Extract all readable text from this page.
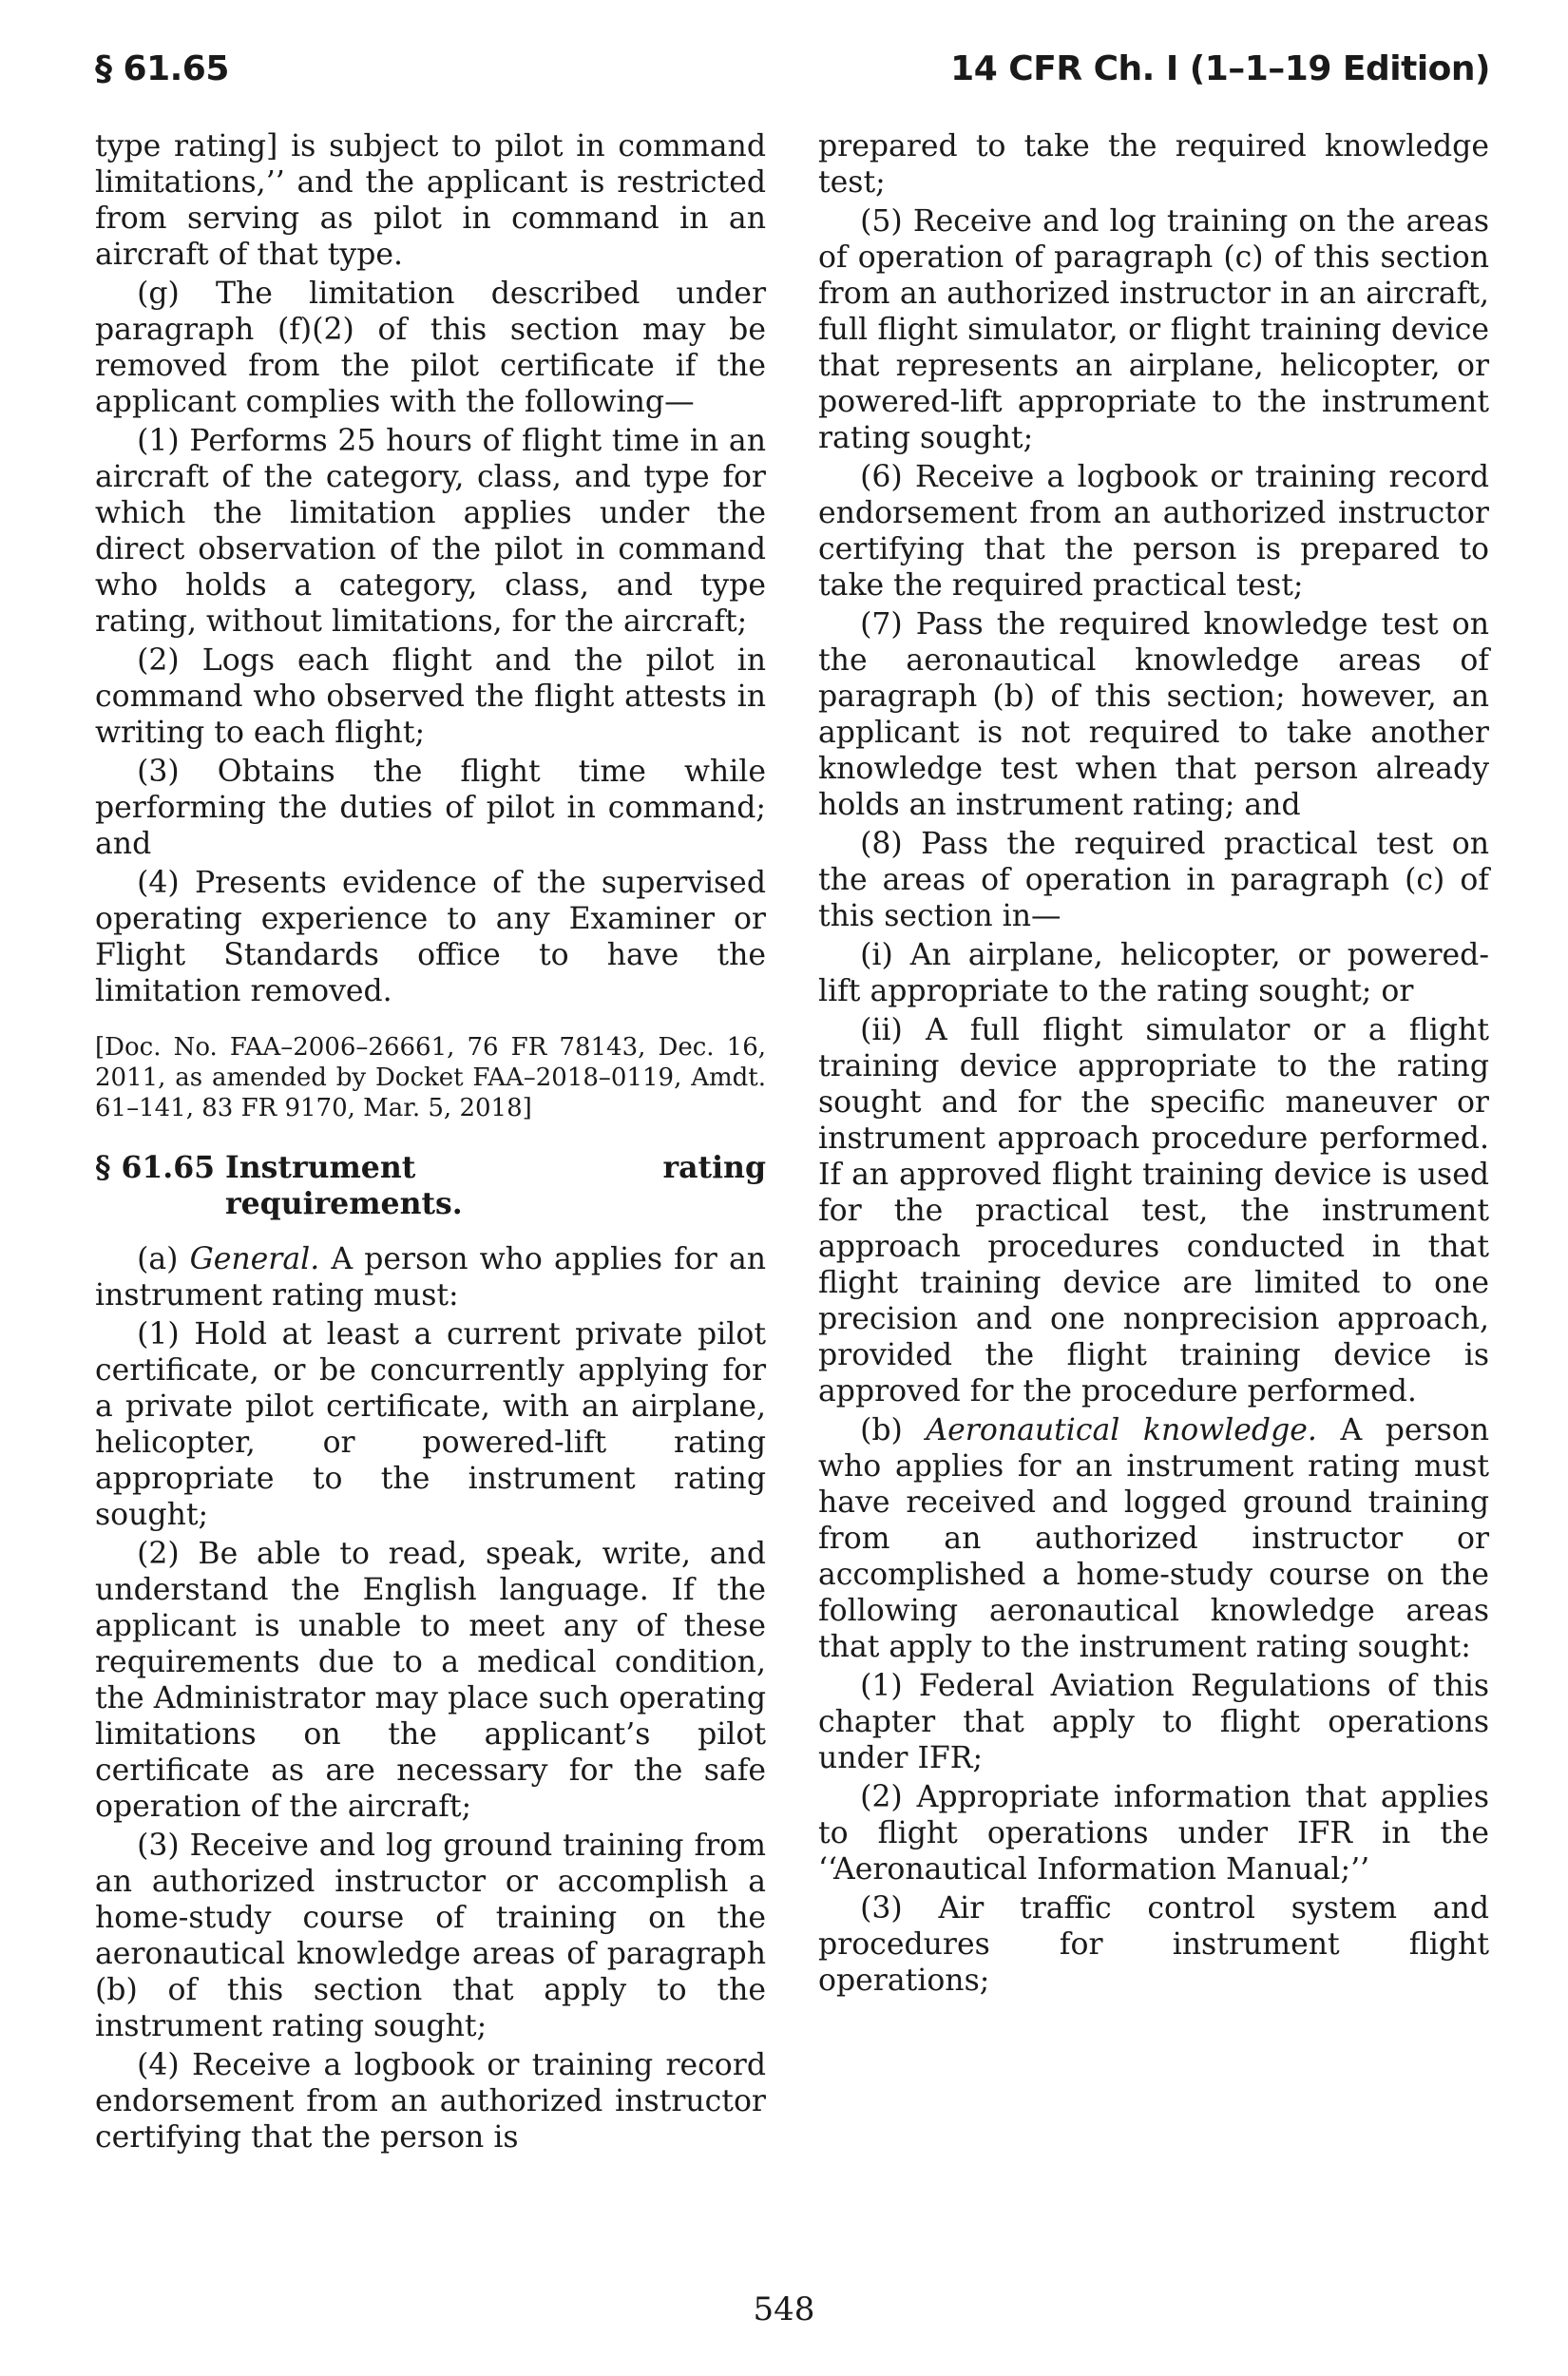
§ 61.65	14 CFR Ch. I (1–1–19 Edition)

type rating] is subject to pilot in command limitations,’’ and the applicant is restricted from serving as pilot in command in an aircraft of that type.

(g) The limitation described under paragraph (f)(2) of this section may be removed from the pilot certificate if the applicant complies with the following—

(1) Performs 25 hours of flight time in an aircraft of the category, class, and type for which the limitation applies under the direct observation of the pilot in command who holds a category, class, and type rating, without limitations, for the aircraft;

(2) Logs each flight and the pilot in command who observed the flight attests in writing to each flight;

(3) Obtains the flight time while performing the duties of pilot in command; and

(4) Presents evidence of the supervised operating experience to any Examiner or Flight Standards office to have the limitation removed.

[Doc. No. FAA–2006–26661, 76 FR 78143, Dec. 16, 2011, as amended by Docket FAA–2018–0119, Amdt. 61–141, 83 FR 9170, Mar. 5, 2018]

§ 61.65
Instrument rating requirements.

(a) General. A person who applies for an instrument rating must:

(1) Hold at least a current private pilot certificate, or be concurrently applying for a private pilot certificate, with an airplane, helicopter, or powered-lift rating appropriate to the instrument rating sought;

(2) Be able to read, speak, write, and understand the English language. If the applicant is unable to meet any of these requirements due to a medical condition, the Administrator may place such operating limitations on the applicant’s pilot certificate as are necessary for the safe operation of the aircraft;

(3) Receive and log ground training from an authorized instructor or accomplish a home-study course of training on the aeronautical knowledge areas of paragraph (b) of this section that apply to the instrument rating sought;

(4) Receive a logbook or training record endorsement from an authorized instructor certifying that the person is

prepared to take the required knowledge test;

(5) Receive and log training on the areas of operation of paragraph (c) of this section from an authorized instructor in an aircraft, full flight simulator, or flight training device that represents an airplane, helicopter, or powered-lift appropriate to the instrument rating sought;

(6) Receive a logbook or training record endorsement from an authorized instructor certifying that the person is prepared to take the required practical test;

(7) Pass the required knowledge test on the aeronautical knowledge areas of paragraph (b) of this section; however, an applicant is not required to take another knowledge test when that person already holds an instrument rating; and

(8) Pass the required practical test on the areas of operation in paragraph (c) of this section in—

(i) An airplane, helicopter, or powered-lift appropriate to the rating sought; or

(ii) A full flight simulator or a flight training device appropriate to the rating sought and for the specific maneuver or instrument approach procedure performed. If an approved flight training device is used for the practical test, the instrument approach procedures conducted in that flight training device are limited to one precision and one nonprecision approach, provided the flight training device is approved for the procedure performed.

(b) Aeronautical knowledge. A person who applies for an instrument rating must have received and logged ground training from an authorized instructor or accomplished a home-study course on the following aeronautical knowledge areas that apply to the instrument rating sought:

(1) Federal Aviation Regulations of this chapter that apply to flight operations under IFR;

(2) Appropriate information that applies to flight operations under IFR in the ‘‘Aeronautical Information Manual;’’

(3) Air traffic control system and procedures for instrument flight operations;

548
